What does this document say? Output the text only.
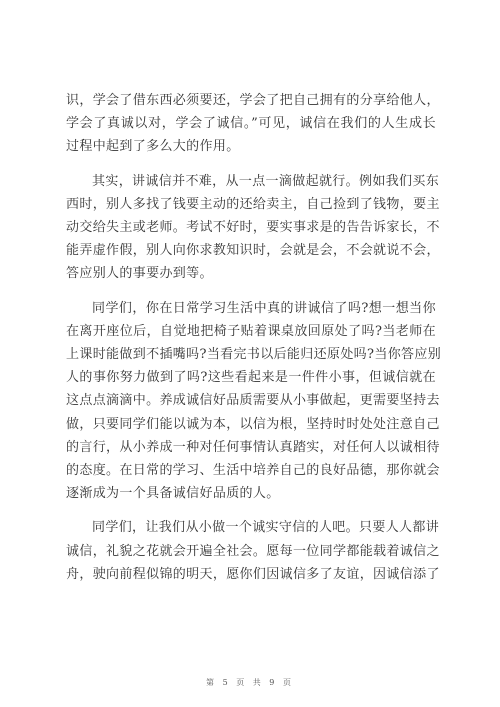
识，学会了借东西必须要还，学会了把自己拥有的分享给他人，
学会了真诚以对，学会了诚信。”可见，诚信在我们的人生成长
过程中起到了多么大的作用。
其实，讲诚信并不难，从一点一滴做起就行。例如我们买东
西时，别人多找了钱要主动的还给卖主，自己捡到了钱物，要主
动交给失主或老师。考试不好时，要实事求是的告告诉家长，不
能弄虚作假，别人向你求教知识时，会就是会，不会就说不会，
答应别人的事要办到等。
同学们，你在日常学习生活中真的讲诚信了吗?想一想当你
在离开座位后，自觉地把椅子贴着课桌放回原处了吗?当老师在
上课时能做到不插嘴吗?当看完书以后能归还原处吗?当你答应别
人的事你努力做到了吗?这些看起来是一件件小事，但诚信就在
这点点滴滴中。养成诚信好品质需要从小事做起，更需要坚持去
做，只要同学们能以诚为本，以信为根，坚持时时处处注意自己
的言行，从小养成一种对任何事情认真踏实，对任何人以诚相待
的态度。在日常的学习、生活中培养自己的良好品德，那你就会
逐渐成为一个具备诚信好品质的人。
同学们，让我们从小做一个诚实守信的人吧。只要人人都讲
诚信，礼貌之花就会开遍全社会。愿每一位同学都能载着诚信之
舟，驶向前程似锦的明天，愿你们因诚信多了友谊，因诚信添了
第 5 页 共 9 页
